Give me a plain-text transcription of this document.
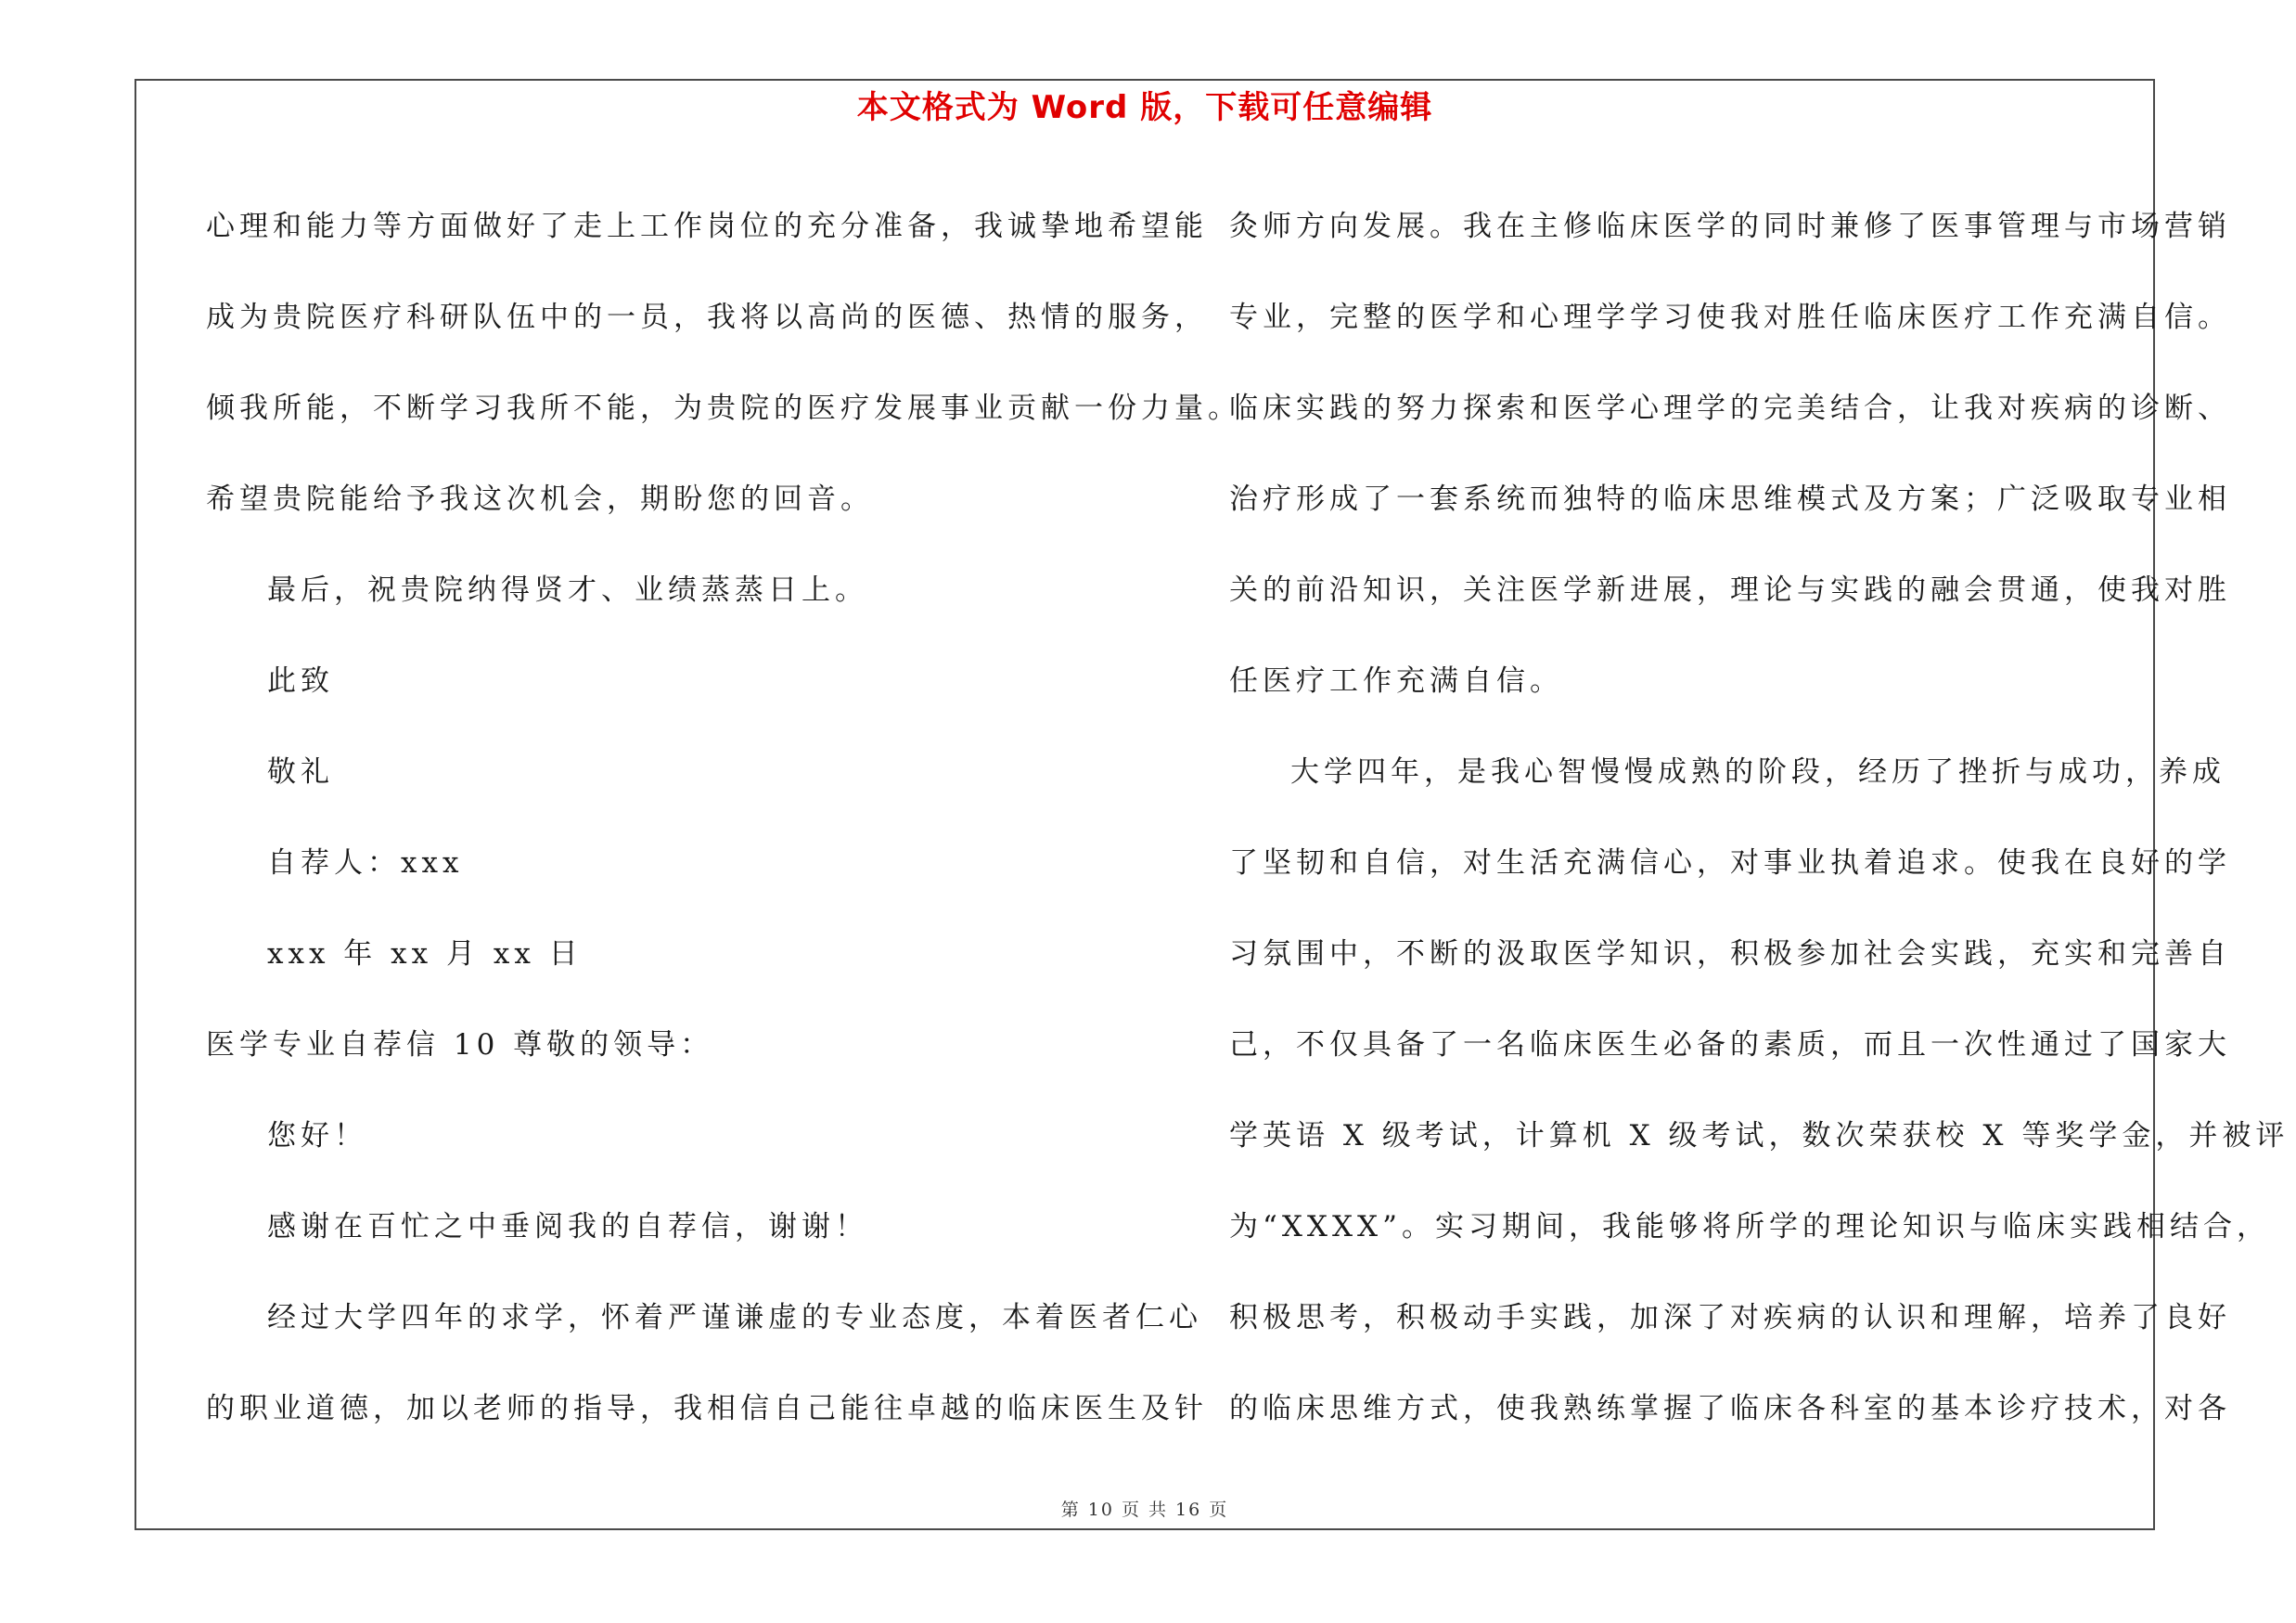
本文格式为 Word 版，下载可任意编辑
心理和能力等方面做好了走上工作岗位的充分准备，我诚挚地希望能
成为贵院医疗科研队伍中的一员，我将以高尚的医德、热情的服务，
倾我所能，不断学习我所不能，为贵院的医疗发展事业贡献一份力量。
希望贵院能给予我这次机会，期盼您的回音。
最后，祝贵院纳得贤才、业绩蒸蒸日上。
此致
敬礼
自荐人：xxx
xxx 年 xx 月 xx 日
医学专业自荐信 10 尊敬的领导：
您好！
感谢在百忙之中垂阅我的自荐信，谢谢！
经过大学四年的求学，怀着严谨谦虚的专业态度，本着医者仁心
的职业道德，加以老师的指导，我相信自己能往卓越的临床医生及针
灸师方向发展。我在主修临床医学的同时兼修了医事管理与市场营销
专业，完整的医学和心理学学习使我对胜任临床医疗工作充满自信。
临床实践的努力探索和医学心理学的完美结合，让我对疾病的诊断、
治疗形成了一套系统而独特的临床思维模式及方案；广泛吸取专业相
关的前沿知识，关注医学新进展，理论与实践的融会贯通，使我对胜
任医疗工作充满自信。
大学四年，是我心智慢慢成熟的阶段，经历了挫折与成功，养成
了坚韧和自信，对生活充满信心，对事业执着追求。使我在良好的学
习氛围中，不断的汲取医学知识，积极参加社会实践，充实和完善自
己，不仅具备了一名临床医生必备的素质，而且一次性通过了国家大
学英语 X 级考试，计算机 X 级考试，数次荣获校 X 等奖学金，并被评
为“XXXX”。实习期间，我能够将所学的理论知识与临床实践相结合，
积极思考，积极动手实践，加深了对疾病的认识和理解，培养了良好
的临床思维方式，使我熟练掌握了临床各科室的基本诊疗技术，对各
第 10 页 共 16 页
